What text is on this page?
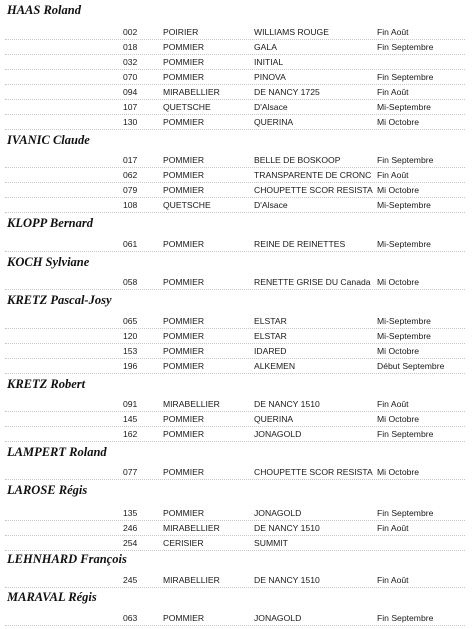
HAAS Roland
002	POIRIER	WILLIAMS ROUGE	Fin Août
018	POMMIER	GALA	Fin Septembre
032	POMMIER	INITIAL
070	POMMIER	PINOVA	Fin Septembre
094	MIRABELLIER	DE NANCY 1725	Fin Août
107	QUETSCHE	D'Alsace	Mi-Septembre
130	POMMIER	QUERINA	Mi Octobre
IVANIC Claude
017	POMMIER	BELLE DE BOSKOOP	Fin Septembre
062	POMMIER	TRANSPARENTE DE CRONC Fin Août
079	POMMIER	CHOUPETTE SCOR RESISTA Mi Octobre
108	QUETSCHE	D'Alsace	Mi-Septembre
KLOPP Bernard
061	POMMIER	REINE DE REINETTES	Mi-Septembre
KOCH Sylviane
058	POMMIER	RENETTE GRISE DU Canada Mi Octobre
KRETZ Pascal-Josy
065	POMMIER	ELSTAR	Mi-Septembre
120	POMMIER	ELSTAR	Mi-Septembre
153	POMMIER	IDARED	Mi Octobre
196	POMMIER	ALKEMEN	Début Septembre
KRETZ Robert
091	MIRABELLIER	DE NANCY 1510	Fin Août
145	POMMIER	QUERINA	Mi Octobre
162	POMMIER	JONAGOLD	Fin Septembre
LAMPERT Roland
077	POMMIER	CHOUPETTE SCOR RESISTA Mi Octobre
LAROSE Régis
135	POMMIER	JONAGOLD	Fin Septembre
246	MIRABELLIER	DE NANCY 1510	Fin Août
254	CERISIER	SUMMIT
LEHNHARD François
245	MIRABELLIER	DE NANCY 1510	Fin Août
MARAVAL Régis
063	POMMIER	JONAGOLD	Fin Septembre
